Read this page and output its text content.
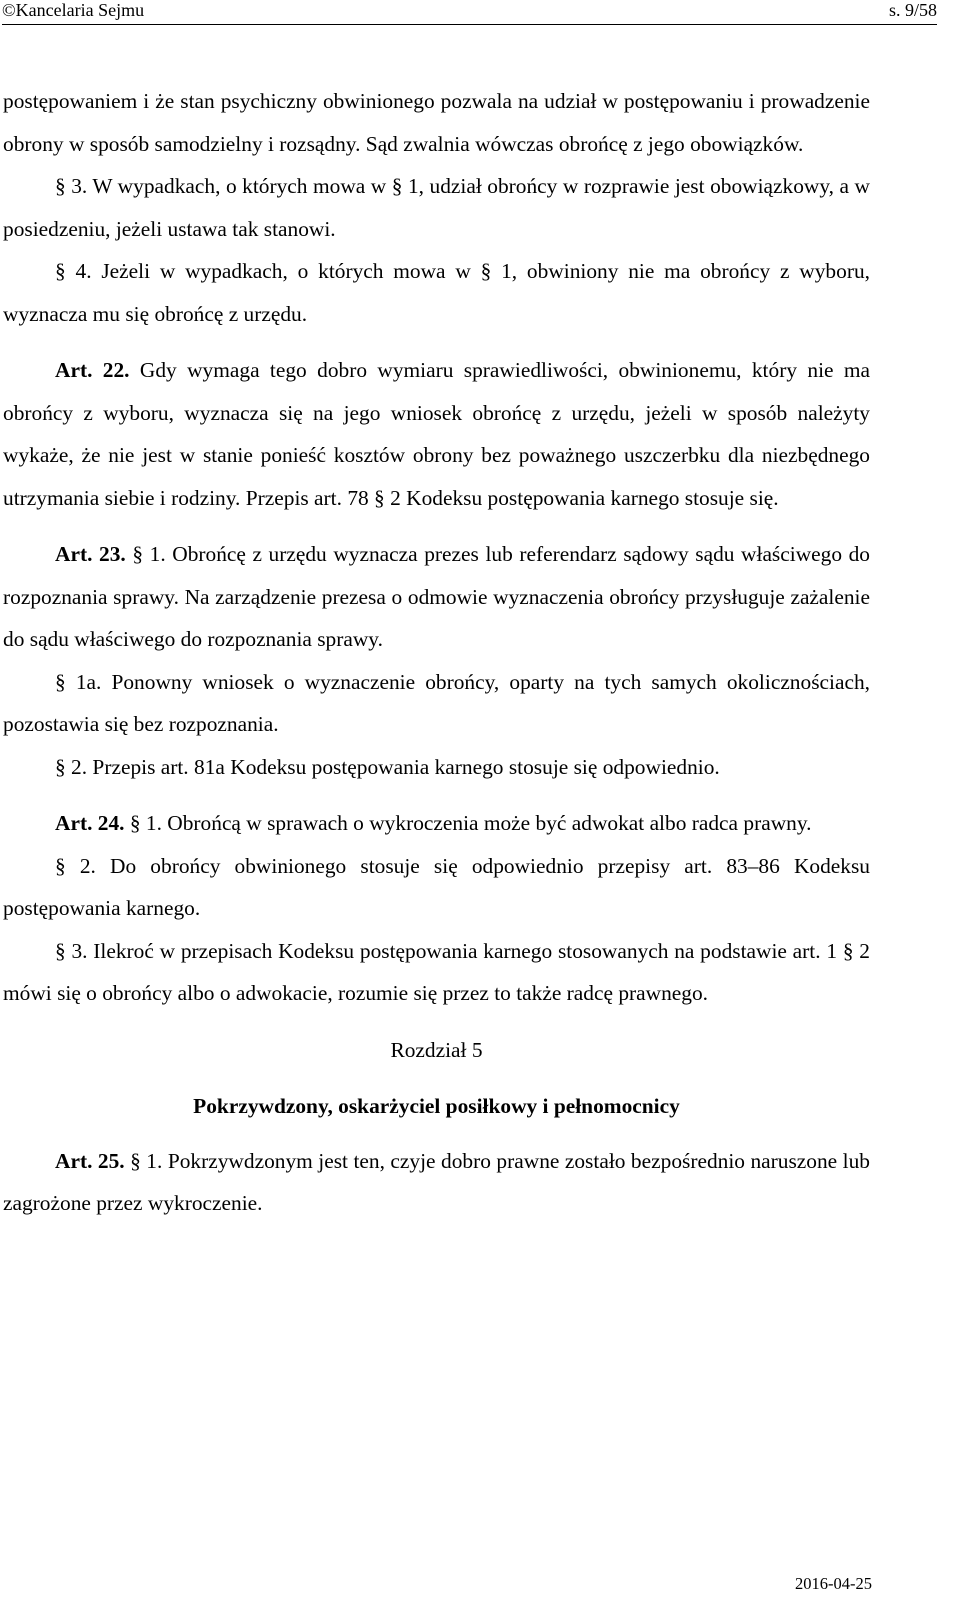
©Kancelaria Sejmu	s. 9/58

postępowaniem i że stan psychiczny obwinionego pozwala na udział w postępowaniu i prowadzenie obrony w sposób samodzielny i rozsądny. Sąd zwalnia wówczas obrońcę z jego obowiązków.

§ 3. W wypadkach, o których mowa w § 1, udział obrońcy w rozprawie jest obowiązkowy, a w posiedzeniu, jeżeli ustawa tak stanowi.

§ 4. Jeżeli w wypadkach, o których mowa w § 1, obwiniony nie ma obrońcy z wyboru, wyznacza mu się obrońcę z urzędu.

Art. 22. Gdy wymaga tego dobro wymiaru sprawiedliwości, obwinionemu, który nie ma obrońcy z wyboru, wyznacza się na jego wniosek obrońcę z urzędu, jeżeli w sposób należyty wykaże, że nie jest w stanie ponieść kosztów obrony bez poważnego uszczerbku dla niezbędnego utrzymania siebie i rodziny. Przepis art. 78 § 2 Kodeksu postępowania karnego stosuje się.

Art. 23. § 1. Obrońcę z urzędu wyznacza prezes lub referendarz sądowy sądu właściwego do rozpoznania sprawy. Na zarządzenie prezesa o odmowie wyznaczenia obrońcy przysługuje zażalenie do sądu właściwego do rozpoznania sprawy.

§ 1a. Ponowny wniosek o wyznaczenie obrońcy, oparty na tych samych okolicznościach, pozostawia się bez rozpoznania.

§ 2. Przepis art. 81a Kodeksu postępowania karnego stosuje się odpowiednio.

Art. 24. § 1. Obrońcą w sprawach o wykroczenia może być adwokat albo radca prawny.

§ 2. Do obrońcy obwinionego stosuje się odpowiednio przepisy art. 83–86 Kodeksu postępowania karnego.

§ 3. Ilekroć w przepisach Kodeksu postępowania karnego stosowanych na podstawie art. 1 § 2 mówi się o obrońcy albo o adwokacie, rozumie się przez to także radcę prawnego.

Rozdział 5

Pokrzywdzony, oskarżyciel posiłkowy i pełnomocnicy

Art. 25. § 1. Pokrzywdzonym jest ten, czyje dobro prawne zostało bezpośrednio naruszone lub zagrożone przez wykroczenie.

2016-04-25
